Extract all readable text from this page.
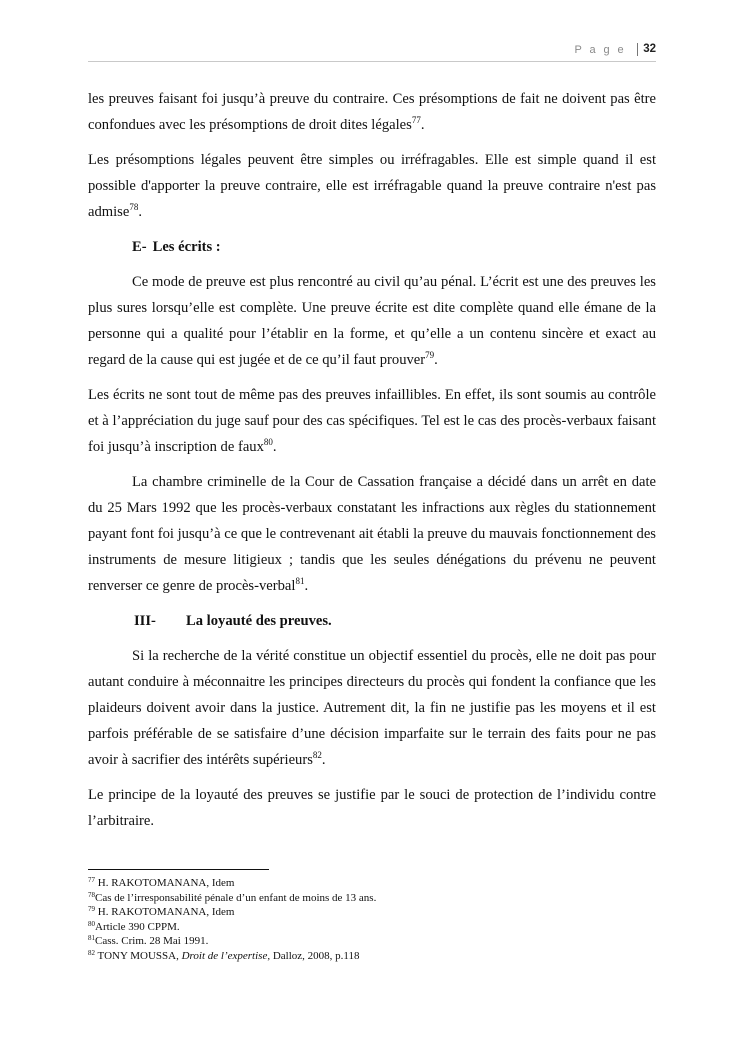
P a g e	32

les preuves faisant foi jusqu’à preuve du contraire. Ces présomptions de fait ne doivent pas être confondues avec les présomptions de droit dites légales$^{77}$.

Les présomptions légales peuvent être simples ou irréfragables. Elle est simple quand il est possible d'apporter la preuve contraire, elle est irréfragable quand la preuve contraire n'est pas admise$^{78}$.

E- Les écrits :

Ce mode de preuve est plus rencontré au civil qu’au pénal. L’écrit est une des preuves les plus sures lorsqu’elle est complète. Une preuve écrite est dite complète quand elle émane de la personne qui a qualité pour l’établir en la forme, et qu’elle a un contenu sincère et exact au regard de la cause qui est jugée et de ce qu’il faut prouver$^{79}$.

Les écrits ne sont tout de même pas des preuves infaillibles. En effet, ils sont soumis au contrôle et à l’appréciation du juge sauf pour des cas spécifiques. Tel est le cas des procès-verbaux faisant foi jusqu’à inscription de faux$^{80}$.

La chambre criminelle de la Cour de Cassation française a décidé dans un arrêt en date du 25 Mars 1992 que les procès-verbaux constatant les infractions aux règles du stationnement payant font foi jusqu’à ce que le contrevenant ait établi la preuve du mauvais fonctionnement des instruments de mesure litigieux ; tandis que les seules dénégations du prévenu ne peuvent renverser ce genre de procès-verbal$^{81}$.

III- La loyauté des preuves.

Si la recherche de la vérité constitue un objectif essentiel du procès, elle ne doit pas pour autant conduire à méconnaitre les principes directeurs du procès qui fondent la confiance que les plaideurs doivent avoir dans la justice. Autrement dit, la fin ne justifie pas les moyens et il est parfois préférable de se satisfaire d’une décision imparfaite sur le terrain des faits pour ne pas avoir à sacrifier des intérêts supérieurs$^{82}$.

Le principe de la loyauté des preuves se justifie par le souci de protection de l’individu contre l’arbitraire.

$^{77}$ H. RAKOTOMANANA, Idem
$^{78}$Cas de l’irresponsabilité pénale d’un enfant de moins de 13 ans.
$^{79}$ H. RAKOTOMANANA, Idem
$^{80}$Article 390 CPPM.
$^{81}$Cass. Crim. 28 Mai 1991.
$^{82}$ TONY MOUSSA, Droit de l’expertise, Dalloz, 2008, p.118
